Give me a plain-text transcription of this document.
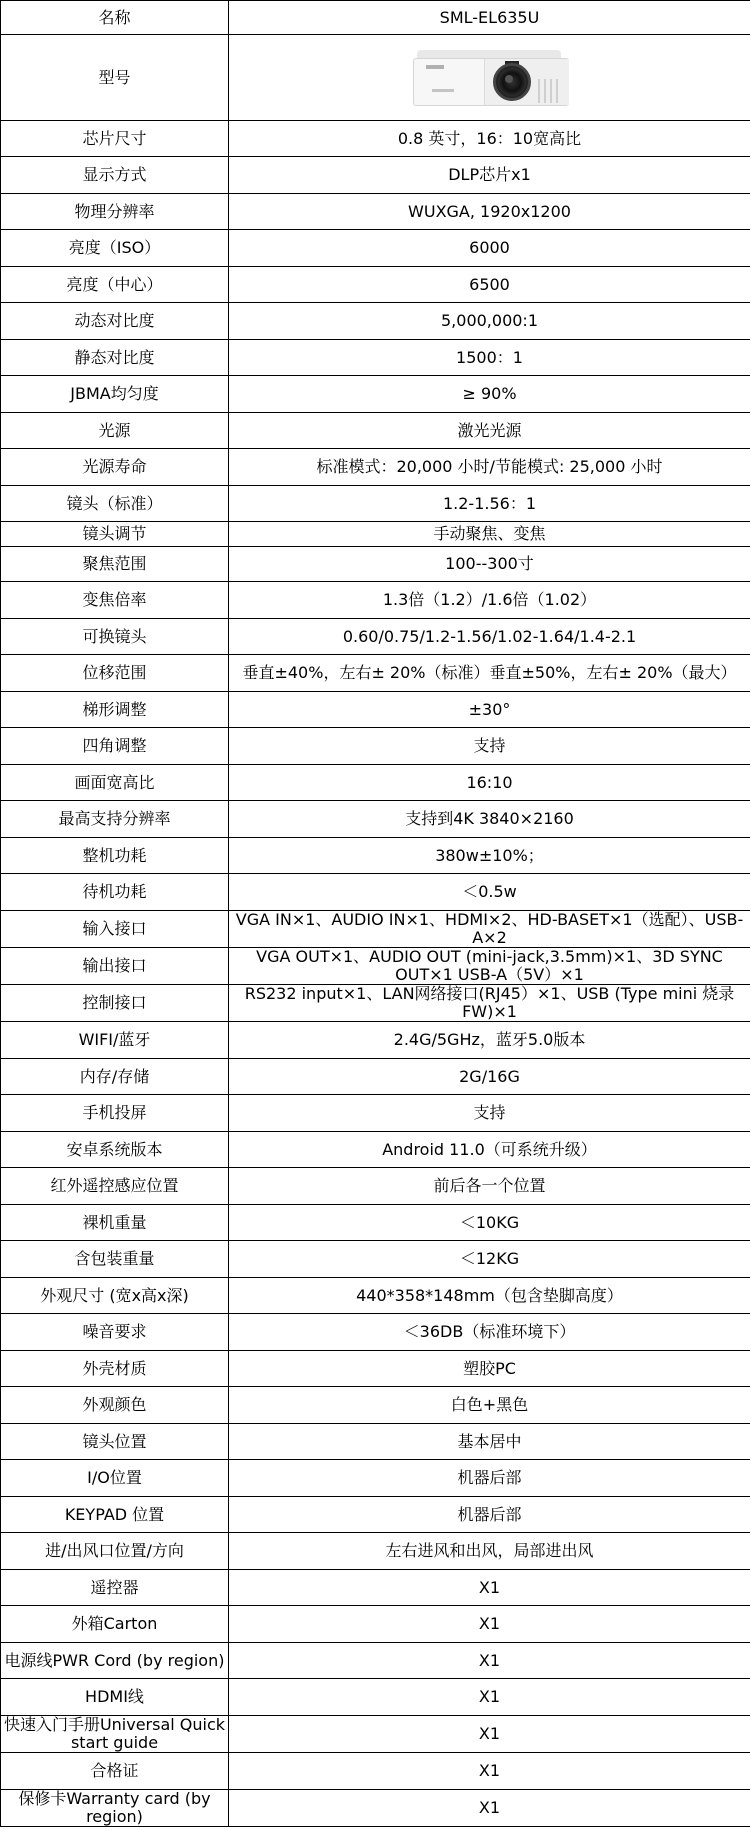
名称	SML-EL635U
型号	

芯片尺寸	0.8 英寸，16：10宽高比
显示方式	DLP芯片x1
物理分辨率	WUXGA, 1920x1200
亮度（ISO）	6000
亮度（中心）	6500
动态对比度	5,000,000:1
静态对比度	1500：1
JBMA均匀度	≥ 90%
光源	激光光源
光源寿命	标准模式：20,000 小时/节能模式: 25,000 小时
镜头（标准）	1.2-1.56：1
镜头调节	手动聚焦、变焦
聚焦范围	100--300寸
变焦倍率	1.3倍（1.2）/1.6倍（1.02）
可换镜头	0.60/0.75/1.2-1.56/1.02-1.64/1.4-2.1
位移范围	垂直±40%，左右± 20%（标准）垂直±50%，左右± 20%（最大）
梯形调整	±30°
四角调整	支持
画面宽高比	16:10
最高支持分辨率	支持到4K 3840×2160
整机功耗	380w±10%；
待机功耗	＜0.5w
输入接口	VGA IN×1、AUDIO IN×1、HDMI×2、HD-BASET×1（选配）、USB-A×2
输出接口	VGA OUT×1、AUDIO OUT (mini-jack,3.5mm)×1、3D SYNC OUT×1 USB-A（5V）×1
控制接口	RS232 input×1、LAN网络接口(RJ45）×1、USB (Type mini 烧录FW)×1
WIFI/蓝牙	2.4G/5GHz，蓝牙5.0版本
内存/存储	2G/16G
手机投屏	支持
安卓系统版本	Android 11.0（可系统升级）
红外遥控感应位置	前后各一个位置
裸机重量	＜10KG
含包装重量	＜12KG
外观尺寸 (宽x高x深)	440*358*148mm（包含垫脚高度）
噪音要求	＜36DB（标准环境下）
外壳材质	塑胶PC
外观颜色	白色+黑色
镜头位置	基本居中
I/O位置	机器后部
KEYPAD 位置	机器后部
进/出风口位置/方向	左右进风和出风，局部进出风
遥控器	X1
外箱Carton	X1
电源线PWR Cord (by region)	X1
HDMI线	X1
快速入门手册Universal Quick start guide	X1
合格证	X1
保修卡Warranty card (by region)	X1
